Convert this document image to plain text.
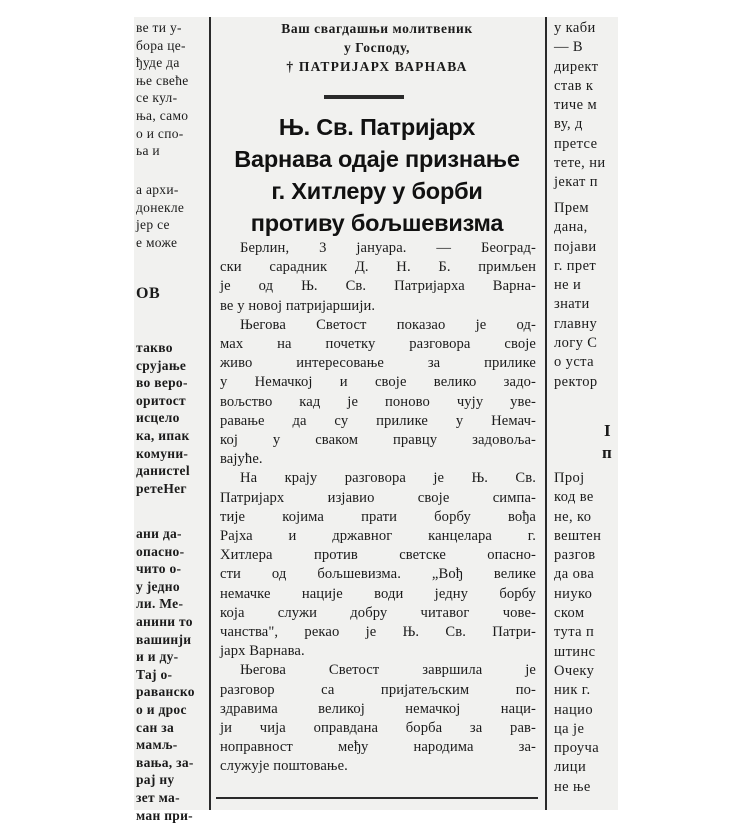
ве ти у-
бора це-
ђуде да
ње свеће
се кул-
ња, само
о и спо-
ьа и
а архи-
донекле
јер се
е може
ОВ
такво
сруjање
во веро-
оритост
исцело
ка, ипак
комуни-
данистеl
ретеНег
ани да-
опасно-
чито о-
у једно
ли. Ме-
анини то
вашинjи
и и ду-
Тај о-
раванско
о и дрос
сан за
мамљ-
вања, за-
рај ну
зет ма-
ман при-
Ваш свагдашњи молитвеник
у Господу,
† ПАТРИЈАРХ ВАРНАВА
Њ. Св. Патријарх
Варнава одаје признање
г. Хитлеру у борби
противу бољшевизма
Берлин, 3 јануара. — Београд-
ски сарадник Д. Н. Б. примљен
је од Њ. Св. Патријарха Варна-
ве у новој патријаршији.
Његова Светост показао је од-
мах на почетку разговора своје
живо интересовање за прилике
у Немачкој и своје велико задо-
вољство кад је поново чују уве-
равање да су прилике у Немач-
кој у сваком правцу задовоља-
вајуће.
На крају разговора је Њ. Св.
Патријарх изјавио своје симпа-
тије којима прати борбу вођа
Рајха и државног канцелара г.
Хитлера против светске опасно-
сти од бољшевизма. „Вођ велике
немачке нације води једну борбу
која служи добру читавог чове-
чанства", рекао је Њ. Св. Патри-
јарх Варнава.
Његова Светост завршила је
разговор са пријатељским по-
здравима великој немачкој наци-
ји чија оправдана борба за рав-
ноправност међу народима за-
служује поштовање.
у каби
— В
директ
став к
тиче м
ву, д
претсе
тете, ни
јекат п
Прем
дана,
појави
г. прет
не и
знати
главну
логу С
о уста
ректор
I
п
Прој
код ве
не, ко
вештен
разгов
да ова
ниуко
ском
тута п
штинс
Очеку
ник г.
нацио
ца је
проуча
лици
не ње
